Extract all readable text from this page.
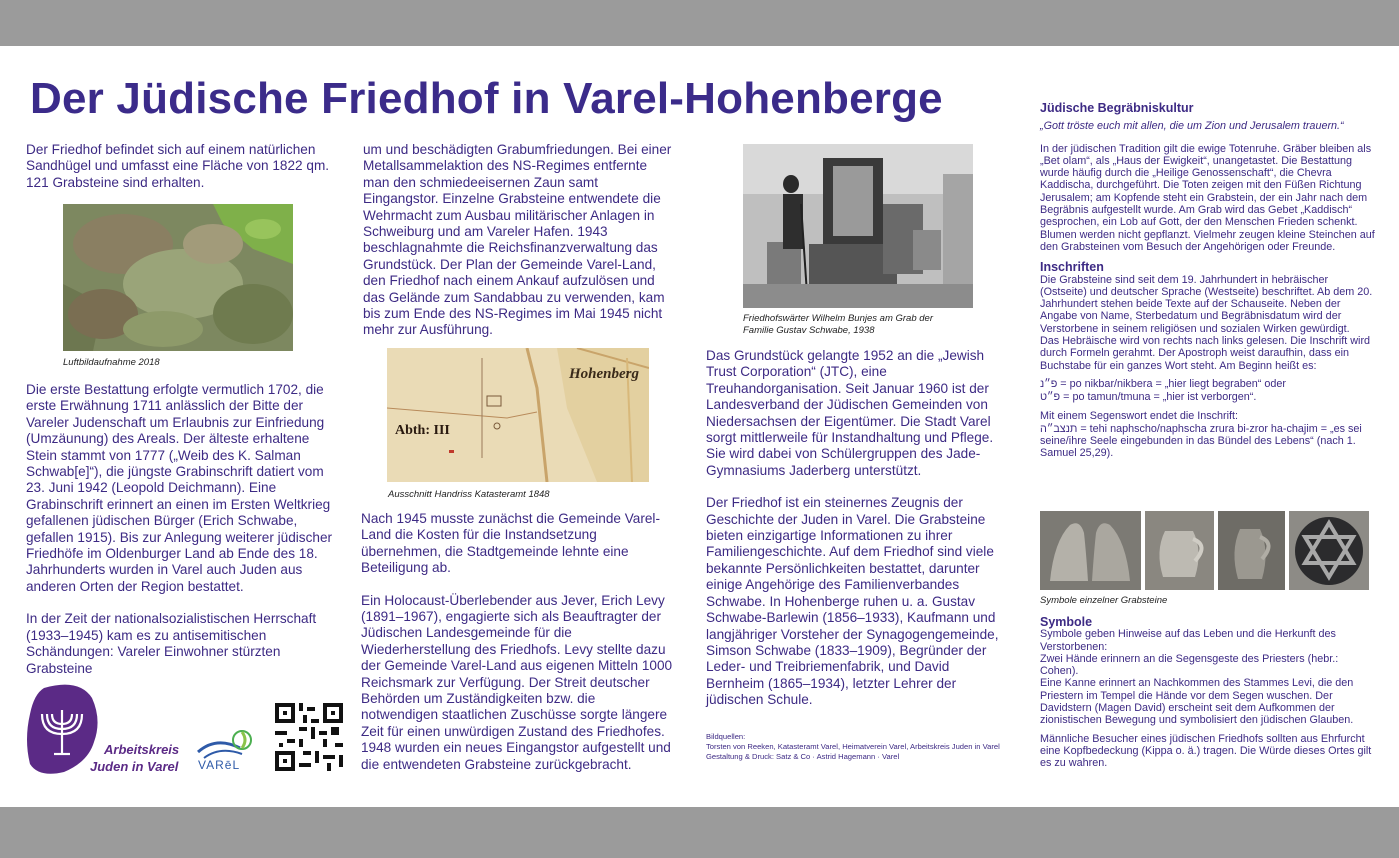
Der Jüdische Friedhof in Varel-Hohenberge

Der Friedhof befindet sich auf einem natürlichen Sandhügel und umfasst eine Fläche von 1822 qm. 121 Grabsteine sind erhalten.

Luftbildaufnahme 2018

Die erste Bestattung erfolgte vermutlich 1702, die erste Erwähnung 1711 anlässlich der Bitte der Vareler Judenschaft um Erlaubnis zur Einfriedung (Umzäunung) des Areals. Der älteste erhaltene Stein stammt von 1777 („Weib des K. Salman Schwab[e]“), die jüngste Grabinschrift datiert vom 23. Juni 1942 (Leopold Deichmann). Eine Grabinschrift erinnert an einen im Ersten Weltkrieg gefallenen jüdischen Bürger (Erich Schwabe, gefallen 1915). Bis zur Anlegung weiterer jüdischer Friedhöfe im Oldenburger Land ab Ende des 18. Jahrhunderts wurden in Varel auch Juden aus anderen Orten der Region bestattet.

In der Zeit der nationalsozialistischen Herrschaft (1933–1945) kam es zu antisemitischen Schändungen: Vareler Einwohner stürzten Grabsteine

Arbeitskreis
Juden in Varel VARēL

um und beschädigten Grabumfriedungen. Bei einer Metallsammelaktion des NS-Regimes entfernte man den schmiedeeisernen Zaun samt Eingangstor. Einzelne Grabsteine entwendete die Wehrmacht zum Ausbau militärischer Anlagen in Schweiburg und am Vareler Hafen. 1943 beschlagnahmte die Reichsfinanzverwaltung das Grundstück. Der Plan der Gemeinde Varel-Land, den Friedhof nach einem Ankauf aufzulösen und das Gelände zum Sandabbau zu verwenden, kam bis zum Ende des NS-Regimes im Mai 1945 nicht mehr zur Ausführung.

Hohenberg
Abth: III
Ausschnitt Handriss Katasteramt 1848

Nach 1945 musste zunächst die Gemeinde Varel-Land die Kosten für die Instandsetzung übernehmen, die Stadtgemeinde lehnte eine Beteiligung ab.

Ein Holocaust-Überlebender aus Jever, Erich Levy (1891–1967), engagierte sich als Beauftragter der Jüdischen Landesgemeinde für die Wiederherstellung des Friedhofs. Levy stellte dazu der Gemeinde Varel-Land aus eigenen Mitteln 1000 Reichsmark zur Verfügung. Der Streit deutscher Behörden um Zuständigkeiten bzw. die notwendigen staatlichen Zuschüsse sorgte längere Zeit für einen unwürdigen Zustand des Friedhofes.

1948 wurden ein neues Eingangstor aufgestellt und die entwendeten Grabsteine zurückgebracht.

Friedhofswärter Wilhelm Bunjes am Grab der
Familie Gustav Schwabe, 1938

Das Grundstück gelangte 1952 an die „Jewish Trust Corporation“ (JTC), eine Treuhandorganisation. Seit Januar 1960 ist der Landesverband der Jüdischen Gemeinden von Niedersachsen der Eigentümer. Die Stadt Varel sorgt mittlerweile für Instandhaltung und Pflege. Sie wird dabei von Schülergruppen des Jade-Gymnasiums Jaderberg unterstützt.

Der Friedhof ist ein steinernes Zeugnis der Geschichte der Juden in Varel. Die Grabsteine bieten einzigartige Informationen zu ihrer Familiengeschichte. Auf dem Friedhof sind viele bekannte Persönlichkeiten bestattet, darunter einige Angehörige des Familienverbandes Schwabe. In Hohenberge ruhen u. a. Gustav Schwabe-Barlewin (1856–1933), Kaufmann und langjähriger Vorsteher der Synagogengemeinde, Simson Schwabe (1833–1909), Begründer der Leder- und Treibriemenfabrik, und David Bernheim (1865–1934), letzter Lehrer der jüdischen Schule.

Bildquellen:
Torsten von Reeken, Katasteramt Varel, Heimatverein Varel, Arbeitskreis Juden in Varel
Gestaltung & Druck: Satz & Co · Astrid Hagemann · Varel
Jüdische Begräbniskultur
„Gott tröste euch mit allen, die um Zion und Jerusalem trauern.“

In der jüdischen Tradition gilt die ewige Totenruhe. Gräber bleiben als „Bet olam“, als „Haus der Ewigkeit“, unangetastet. Die Bestattung wurde häufig durch die „Heilige Genossenschaft“, die Chevra Kaddischa, durchgeführt. Die Toten zeigen mit den Füßen Richtung Jerusalem; am Kopfende steht ein Grabstein, der ein Jahr nach dem Begräbnis aufgestellt wurde. Am Grab wird das Gebet „Kaddisch“ gesprochen, ein Lob auf Gott, der den Menschen Frieden schenkt. Blumen werden nicht gepflanzt. Vielmehr zeugen kleine Steinchen auf den Grabsteinen vom Besuch der Angehörigen oder Freunde.

Inschriften

Die Grabsteine sind seit dem 19. Jahrhundert in hebräischer (Ostseite) und deutscher Sprache (Westseite) beschriftet. Ab dem 20. Jahrhundert stehen beide Texte auf der Schauseite. Neben der Angabe von Name, Sterbedatum und Begräbnisdatum wird der Verstorbene in seinem religiösen und sozialen Wirken gewürdigt.

Das Hebräische wird von rechts nach links gelesen. Die Inschrift wird durch Formeln gerahmt. Der Apostroph weist daraufhin, dass ein Buchstabe für ein ganzes Wort steht. Am Beginn heißt es:

פ״נ = po nikbar/nikbera = „hier liegt begraben“ oder

פ״ט = po tamun/tmuna = „hier ist verborgen“.

Mit einem Segenswort endet die Inschrift:

תנצב״ה = tehi naphscho/naphscha zrura bi-zror ha-chajim = „es sei seine/ihre Seele eingebunden in das Bündel des Lebens“ (nach 1. Samuel 25,29).

Symbole einzelner Grabsteine
Symbole

Symbole geben Hinweise auf das Leben und die Herkunft des Verstorbenen:

Zwei Hände erinnern an die Segensgeste des Priesters (hebr.: Cohen).

Eine Kanne erinnert an Nachkommen des Stammes Levi, die den Priestern im Tempel die Hände vor dem Segen wuschen. Der Davidstern (Magen David) erscheint seit dem Aufkommen der zionistischen Bewegung und symbolisiert den jüdischen Glauben.

Männliche Besucher eines jüdischen Friedhofs sollten aus Ehrfurcht eine Kopfbedeckung (Kippa o. ä.) tragen. Die Würde dieses Ortes gilt es zu wahren.
